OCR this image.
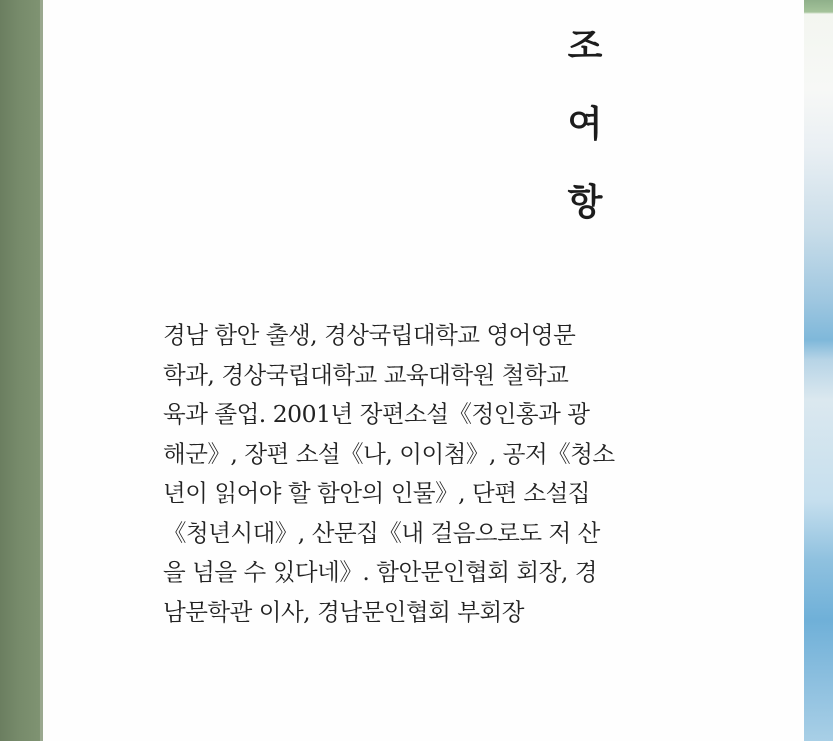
조
여
항
경남 함안 출생, 경상국립대학교 영어영문
학과, 경상국립대학교 교육대학원 철학교
육과 졸업. 2001년 장편소설《정인홍과 광
해군》, 장편 소설《나, 이이첨》, 공저《청소
년이 읽어야 할 함안의 인물》, 단편 소설집
《청년시대》, 산문집《내 걸음으로도 저 산
을 넘을 수 있다네》. 함안문인협회 회장, 경
남문학관 이사, 경남문인협회 부회장
